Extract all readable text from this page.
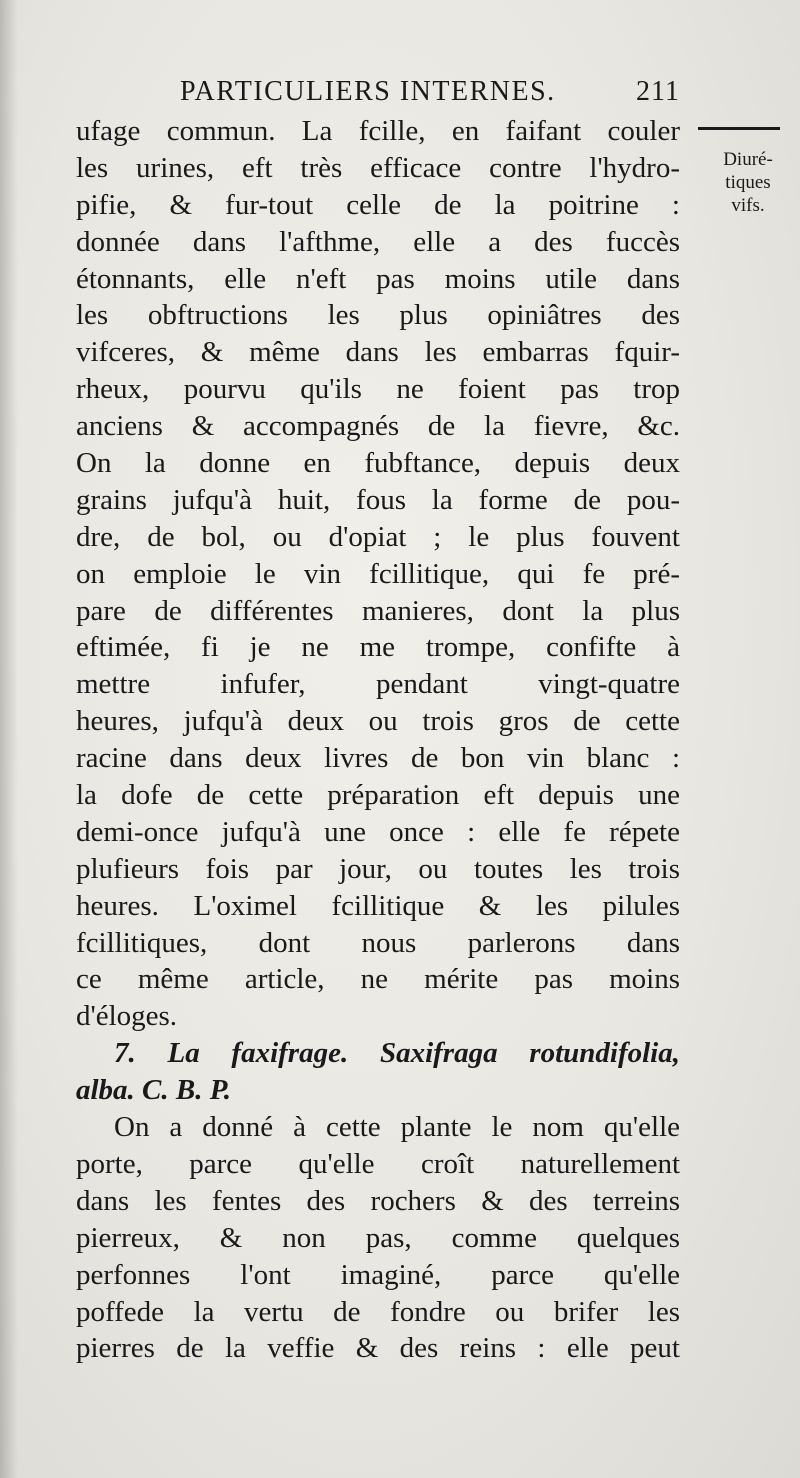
PARTICULIERS INTERNES.	211
Diuré-
tiques
vifs.
ufage commun. La fcille, en faifant couler
les urines, eft très efficace contre l'hydro-
pifie, & fur-tout celle de la poitrine :
donnée dans l'afthme, elle a des fuccès
étonnants, elle n'eft pas moins utile dans
les obftructions les plus opiniâtres des
vifceres, & même dans les embarras fquir-
rheux, pourvu qu'ils ne foient pas trop
anciens & accompagnés de la fievre, &c.
On la donne en fubftance, depuis deux
grains jufqu'à huit, fous la forme de pou-
dre, de bol, ou d'opiat ; le plus fouvent
on emploie le vin fcillitique, qui fe pré-
pare de différentes manieres, dont la plus
eftimée, fi je ne me trompe, confifte à
mettre infufer, pendant vingt-quatre
heures, jufqu'à deux ou trois gros de cette
racine dans deux livres de bon vin blanc :
la dofe de cette préparation eft depuis une
demi-once jufqu'à une once : elle fe répete
plufieurs fois par jour, ou toutes les trois
heures. L'oximel fcillitique & les pilules
fcillitiques, dont nous parlerons dans
ce même article, ne mérite pas moins
d'éloges.
7. La faxifrage. Saxifraga rotundifolia,
alba. C. B. P.
On a donné à cette plante le nom qu'elle
porte, parce qu'elle croît naturellement
dans les fentes des rochers & des terreins
pierreux, & non pas, comme quelques
perfonnes l'ont imaginé, parce qu'elle
poffede la vertu de fondre ou brifer les
pierres de la veffie & des reins : elle peut
